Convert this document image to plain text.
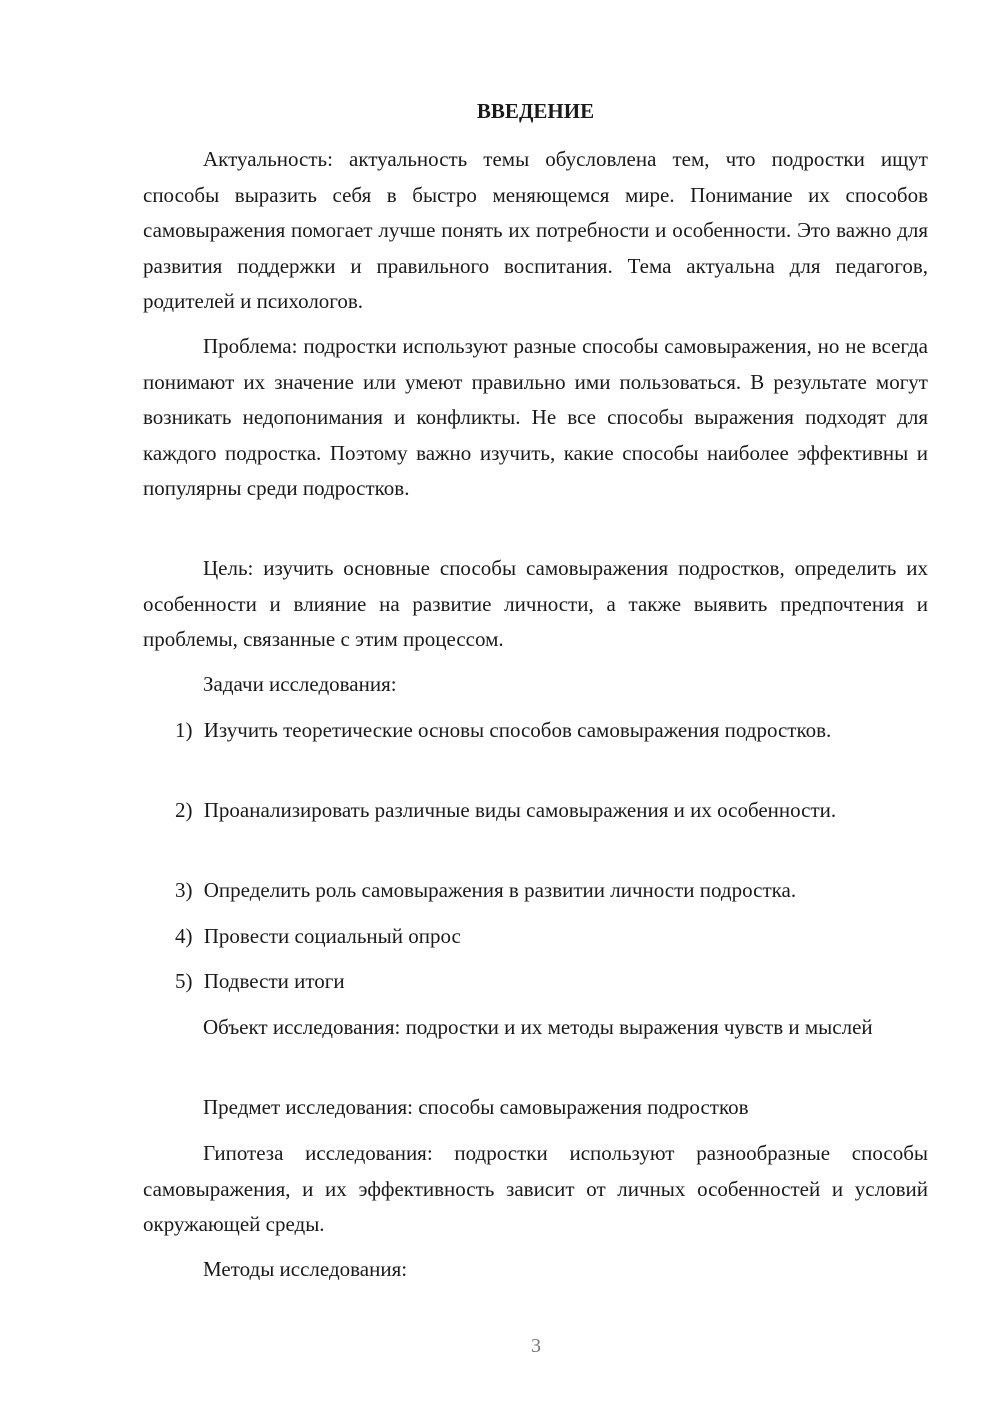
ВВЕДЕНИЕ

Актуальность: актуальность темы обусловлена тем, что подростки ищут способы выразить себя в быстро меняющемся мире. Понимание их способов самовыражения помогает лучше понять их потребности и особенности. Это важно для развития поддержки и правильного воспитания. Тема актуальна для педагогов, родителей и психологов.

Проблема: подростки используют разные способы самовыражения, но не всегда понимают их значение или умеют правильно ими пользоваться. В результате могут возникать недопонимания и конфликты. Не все способы выражения подходят для каждого подростка. Поэтому важно изучить, какие способы наиболее эффективны и популярны среди подростков.

Цель: изучить основные способы самовыражения подростков, определить их особенности и влияние на развитие личности, а также выявить предпочтения и проблемы, связанные с этим процессом.

Задачи исследования:

1) Изучить теоретические основы способов самовыражения подростков.

2) Проанализировать различные виды самовыражения и их особенности.

3) Определить роль самовыражения в развитии личности подростка.

4) Провести социальный опрос

5) Подвести итоги

Объект исследования: подростки и их методы выражения чувств и мыслей

Предмет исследования: способы самовыражения подростков

Гипотеза исследования: подростки используют разнообразные способы самовыражения, и их эффективность зависит от личных особенностей и условий окружающей среды.

Методы исследования:

3
